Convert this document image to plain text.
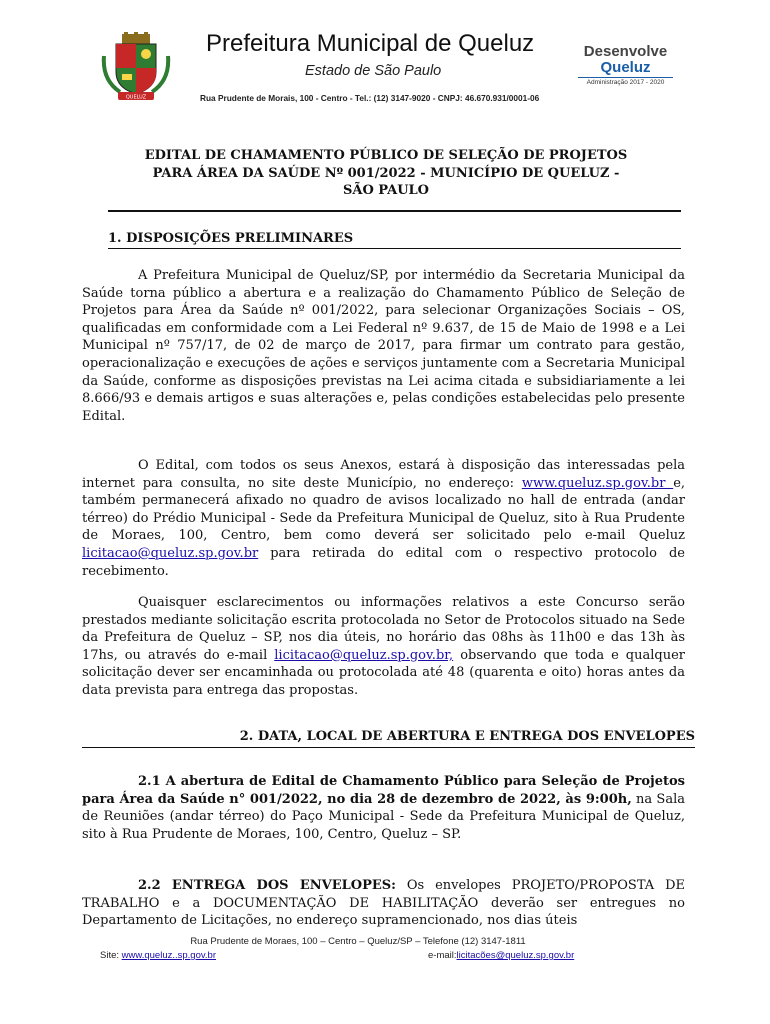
QUELUZ
Prefeitura Municipal de Queluz
Estado de São Paulo
Rua Prudente de Morais, 100 - Centro - Tel.: (12) 3147-9020 - CNPJ: 46.670.931/0001-06
Desenvolve
Queluz
Administração 2017 - 2020
EDITAL DE CHAMAMENTO PÚBLICO DE SELEÇÃO DE PROJETOS
PARA ÁREA DA SAÚDE Nº 001/2022 - MUNICÍPIO DE QUELUZ -
SÃO PAULO
1. DISPOSIÇÕES PRELIMINARES
A Prefeitura Municipal de Queluz/SP, por intermédio da Secretaria Municipal da Saúde torna público a abertura e a realização do Chamamento Público de Seleção de Projetos para Área da Saúde nº 001/2022, para selecionar Organizações Sociais – OS, qualificadas em conformidade com a Lei Federal nº 9.637, de 15 de Maio de 1998 e a Lei Municipal nº 757/17, de 02 de março de 2017, para firmar um contrato para gestão, operacionalização e execuções de ações e serviços juntamente com a Secretaria Municipal da Saúde, conforme as disposições previstas na Lei acima citada e subsidiariamente a lei 8.666/93 e demais artigos e suas alterações e, pelas condições estabelecidas pelo presente Edital.
O Edital, com todos os seus Anexos, estará à disposição das interessadas pela internet para consulta, no site deste Município, no endereço: www.queluz.sp.gov.br e, também permanecerá afixado no quadro de avisos localizado no hall de entrada (andar térreo) do Prédio Municipal - Sede da Prefeitura Municipal de Queluz, sito à Rua Prudente de Moraes, 100, Centro, bem como deverá ser solicitado pelo e-mail Queluz licitacao@queluz.sp.gov.br para retirada do edital com o respectivo protocolo de recebimento.
Quaisquer esclarecimentos ou informações relativos a este Concurso serão prestados mediante solicitação escrita protocolada no Setor de Protocolos situado na Sede da Prefeitura de Queluz – SP, nos dia úteis, no horário das 08hs às 11h00 e das 13h às 17hs, ou através do e-mail licitacao@queluz.sp.gov.br, observando que toda e qualquer solicitação dever ser encaminhada ou protocolada até 48 (quarenta e oito) horas antes da data prevista para entrega das propostas.
2. DATA, LOCAL DE ABERTURA E ENTREGA DOS ENVELOPES
2.1 A abertura de Edital de Chamamento Público para Seleção de Projetos para Área da Saúde n° 001/2022, no dia 28 de dezembro de 2022, às 9:00h, na Sala de Reuniões (andar térreo) do Paço Municipal - Sede da Prefeitura Municipal de Queluz, sito à Rua Prudente de Moraes, 100, Centro, Queluz – SP.
2.2 ENTREGA DOS ENVELOPES: Os envelopes PROJETO/PROPOSTA DE TRABALHO e a DOCUMENTAÇÃO DE HABILITAÇÃO deverão ser entregues no Departamento de Licitações, no endereço supramencionado, nos dias úteis
Rua Prudente de Moraes, 100 – Centro – Queluz/SP – Telefone (12) 3147-1811
Site: www.queluz..sp.gov.br	e-mail:licitacões@queluz.sp.gov.br
